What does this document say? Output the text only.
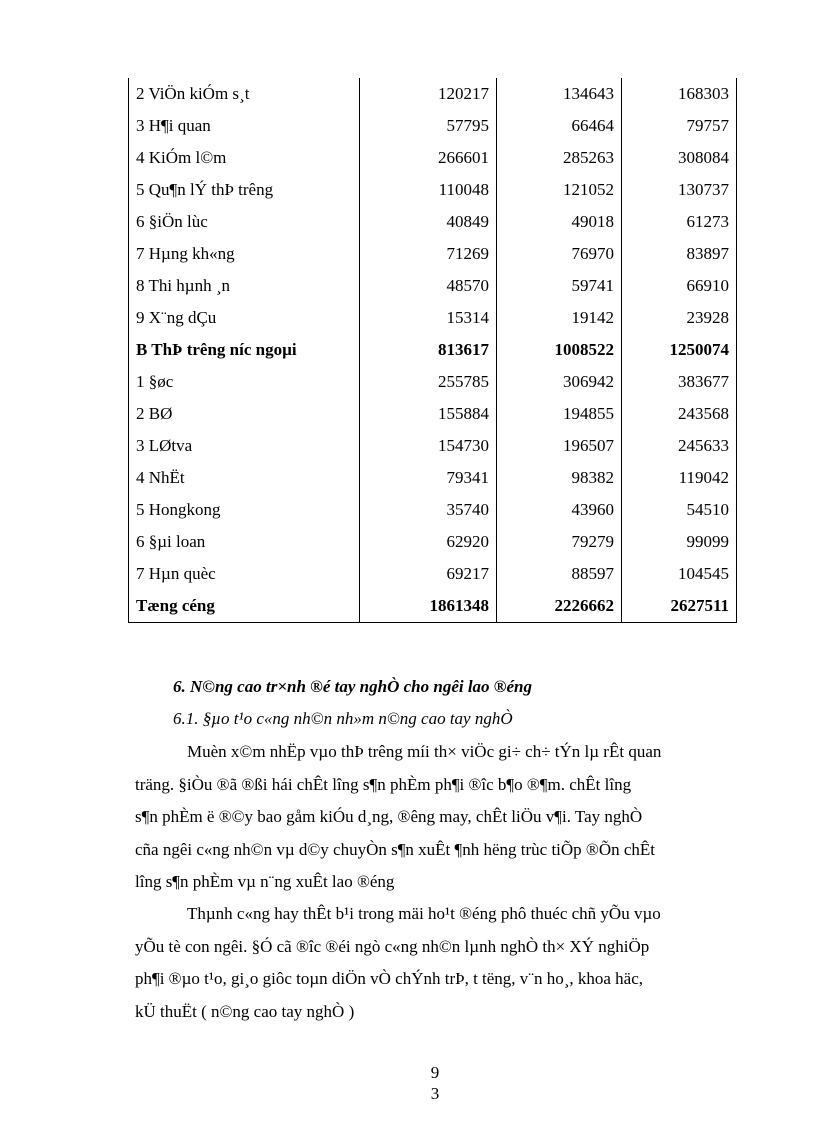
2 ViÖn kiÓm s¸t	120217	134643	168303
3 H¶i quan	57795	66464	79757
4 KiÓm l©m	266601	285263	308084
5 Qu¶n lÝ thÞ trêng	110048	121052	130737
6 §iÖn lùc	40849	49018	61273
7 Hµng kh«ng	71269	76970	83897
8 Thi hµnh ¸n	48570	59741	66910
9 X¨ng dÇu	15314	19142	23928
B ThÞ trêng níc ngoµi	813617	1008522	1250074
1 §øc	255785	306942	383677
2 BØ	155884	194855	243568
3 LØtva	154730	196507	245633
4 NhËt	79341	98382	119042
5 Hongkong	35740	43960	54510
6 §µi loan	62920	79279	99099
7 Hµn quèc	69217	88597	104545
Tæng céng	1861348	2226662	2627511
6. N©ng cao tr×nh ®é tay nghÒ cho ngêi lao ®éng
6.1. §µo t¹o c«ng nh©n nh»m n©ng cao tay nghÒ

Muèn x©m nhËp vµo thÞ trêng míi th× viÖc gi÷ ch÷ tÝn lµ rÊt quan
träng. §iÒu ®ã ®ßi hái chÊt lîng s¶n phÈm ph¶i ®îc b¶o ®¶m. chÊt lîng
s¶n phÈm ë ®©y bao gåm kiÓu d¸ng, ®êng may, chÊt liÖu v¶i. Tay nghÒ
cña ngêi c«ng nh©n vµ d©y chuyÒn s¶n xuÊt ¶nh hëng trùc tiÕp ®Õn chÊt
lîng s¶n phÈm vµ n¨ng xuÊt lao ®éng

Thµnh c«ng hay thÊt b¹i trong mäi ho¹t ®éng phô thuéc chñ yÕu vµo
yÕu tè con ngêi. §Ó cã ®îc ®éi ngò c«ng nh©n lµnh nghÒ th× XÝ nghiÖp
ph¶i ®µo t¹o, gi¸o giôc toµn diÖn vÒ chÝnh trÞ, t tëng, v¨n ho¸, khoa häc,
kÜ thuËt ( n©ng cao tay nghÒ )

9
3
